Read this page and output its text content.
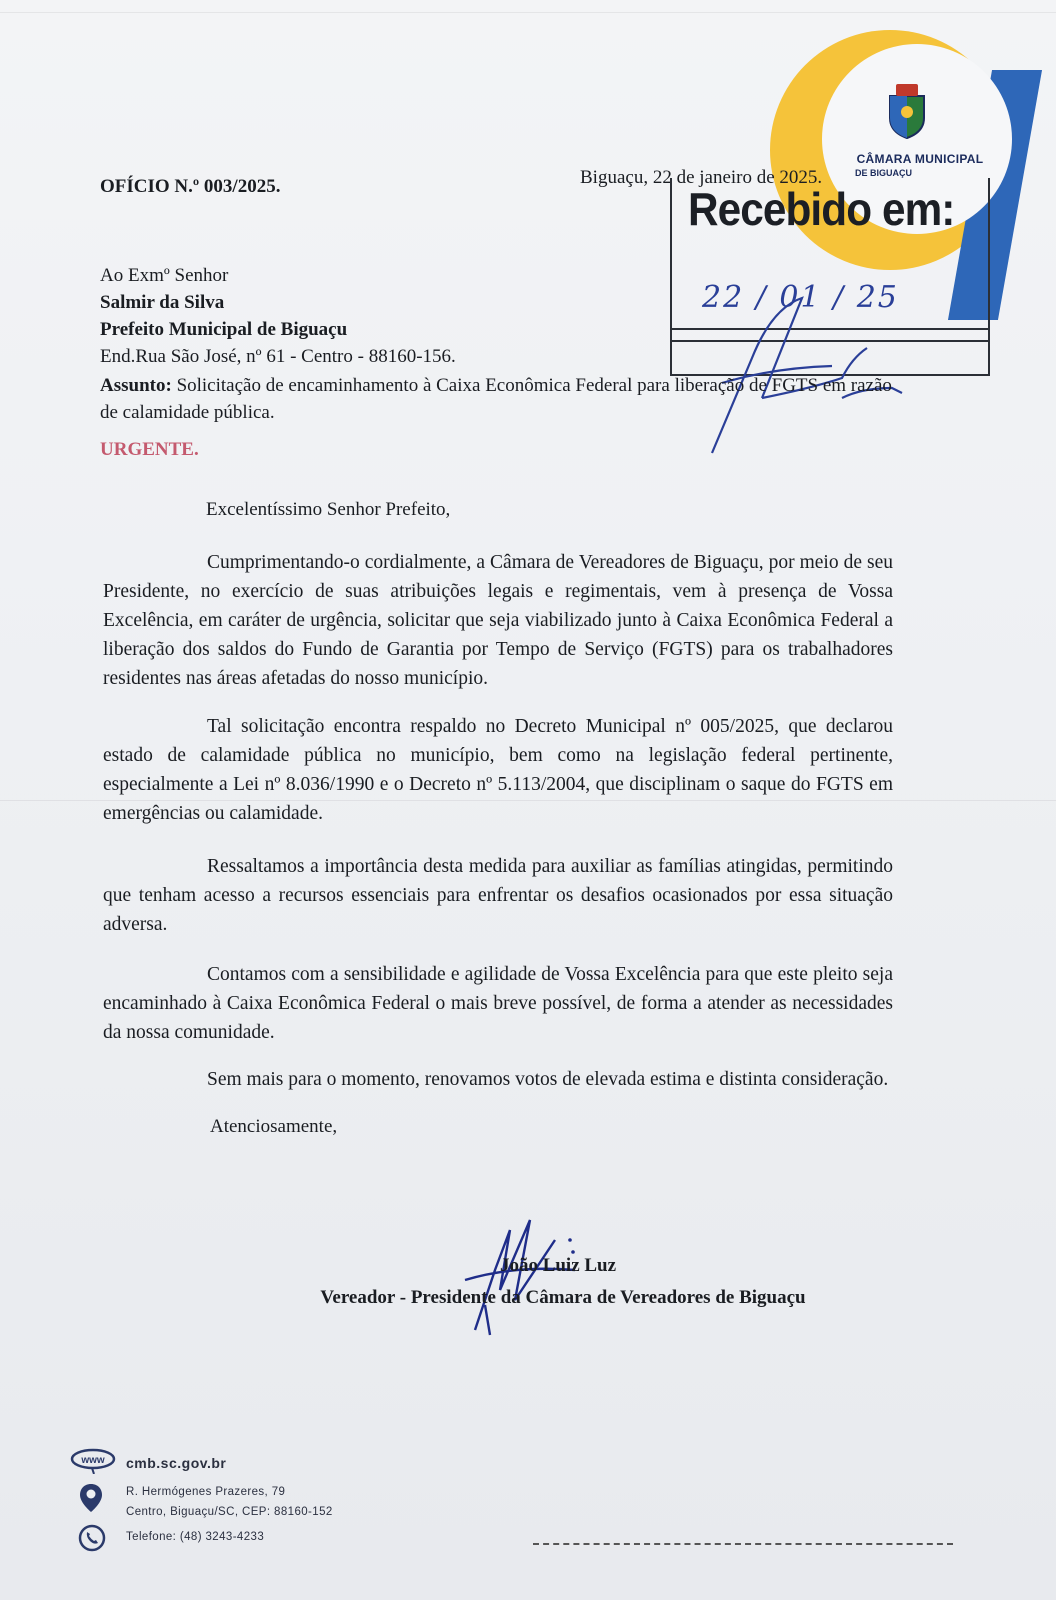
CÂMARA MUNICIPAL
DE BIGUAÇU
OFÍCIO N.º 003/2025.	Biguaçu, 22 de janeiro de 2025.
Recebido em:
22 / 01 / 25
Ao Exmº Senhor
Salmir da Silva
Prefeito Municipal de Biguaçu
End.Rua São José, nº 61 - Centro - 88160-156.
Assunto: Solicitação de encaminhamento à Caixa Econômica Federal para liberação de FGTS em razão de calamidade pública.
URGENTE.
Excelentíssimo Senhor Prefeito,
Cumprimentando-o cordialmente, a Câmara de Vereadores de Biguaçu, por meio de seu Presidente, no exercício de suas atribuições legais e regimentais, vem à presença de Vossa Excelência, em caráter de urgência, solicitar que seja viabilizado junto à Caixa Econômica Federal a liberação dos saldos do Fundo de Garantia por Tempo de Serviço (FGTS) para os trabalhadores residentes nas áreas afetadas do nosso município.
Tal solicitação encontra respaldo no Decreto Municipal nº 005/2025, que declarou estado de calamidade pública no município, bem como na legislação federal pertinente, especialmente a Lei nº 8.036/1990 e o Decreto nº 5.113/2004, que disciplinam o saque do FGTS em emergências ou calamidade.
Ressaltamos a importância desta medida para auxiliar as famílias atingidas, permitindo que tenham acesso a recursos essenciais para enfrentar os desafios ocasionados por essa situação adversa.
Contamos com a sensibilidade e agilidade de Vossa Excelência para que este pleito seja encaminhado à Caixa Econômica Federal o mais breve possível, de forma a atender as necessidades da nossa comunidade.
Sem mais para o momento, renovamos votos de elevada estima e distinta consideração.
Atenciosamente,
João Luiz Luz
Vereador - Presidente da Câmara de Vereadores de Biguaçu
www cmb.sc.gov.br
R. Hermógenes Prazeres, 79
Centro, Biguaçu/SC, CEP: 88160-152
Telefone: (48) 3243-4233
